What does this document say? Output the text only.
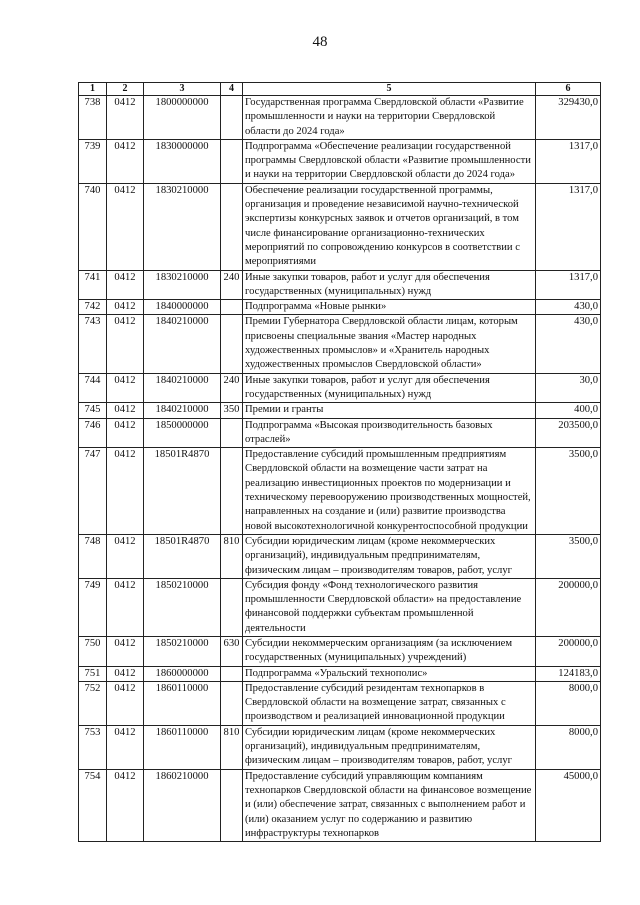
48
1	2	3	4	5	6
738	0412	1800000000		Государственная программа Свердловской области «Развитие промышленности и науки на территории Свердловской области до 2024 года»	329430,0
739	0412	1830000000		Подпрограмма «Обеспечение реализации государственной программы Свердловской области «Развитие промышленности и науки на территории Свердловской области до 2024 года»	1317,0
740	0412	1830210000		Обеспечение реализации государственной программы, организация и проведение независимой научно-технической экспертизы конкурсных заявок и отчетов организаций, в том числе финансирование организационно-технических мероприятий по сопровождению конкурсов в соответствии с мероприятиями	1317,0
741	0412	1830210000	240	Иные закупки товаров, работ и услуг для обеспечения государственных (муниципальных) нужд	1317,0
742	0412	1840000000		Подпрограмма «Новые рынки»	430,0
743	0412	1840210000		Премии Губернатора Свердловской области лицам, которым присвоены специальные звания «Мастер народных художественных промыслов» и «Хранитель народных художественных промыслов Свердловской области»	430,0
744	0412	1840210000	240	Иные закупки товаров, работ и услуг для обеспечения государственных (муниципальных) нужд	30,0
745	0412	1840210000	350	Премии и гранты	400,0
746	0412	1850000000		Подпрограмма «Высокая производительность базовых отраслей»	203500,0
747	0412	18501R4870		Предоставление субсидий промышленным предприятиям Свердловской области на возмещение части затрат на реализацию инвестиционных проектов по модернизации и техническому перевооружению производственных мощностей, направленных на создание и (или) развитие производства новой высокотехнологичной конкурентоспособной продукции	3500,0
748	0412	18501R4870	810	Субсидии юридическим лицам (кроме некоммерческих организаций), индивидуальным предпринимателям, физическим лицам – производителям товаров, работ, услуг	3500,0
749	0412	1850210000		Субсидия фонду «Фонд технологического развития промышленности Свердловской области» на предоставление финансовой поддержки субъектам промышленной деятельности	200000,0
750	0412	1850210000	630	Субсидии некоммерческим организациям (за исключением государственных (муниципальных) учреждений)	200000,0
751	0412	1860000000		Подпрограмма «Уральский технополис»	124183,0
752	0412	1860110000		Предоставление субсидий резидентам технопарков в Свердловской области на возмещение затрат, связанных с производством и реализацией инновационной продукции	8000,0
753	0412	1860110000	810	Субсидии юридическим лицам (кроме некоммерческих организаций), индивидуальным предпринимателям, физическим лицам – производителям товаров, работ, услуг	8000,0
754	0412	1860210000		Предоставление субсидий управляющим компаниям технопарков Свердловской области на финансовое возмещение и (или) обеспечение затрат, связанных с выполнением работ и (или) оказанием услуг по содержанию и развитию инфраструктуры технопарков	45000,0
